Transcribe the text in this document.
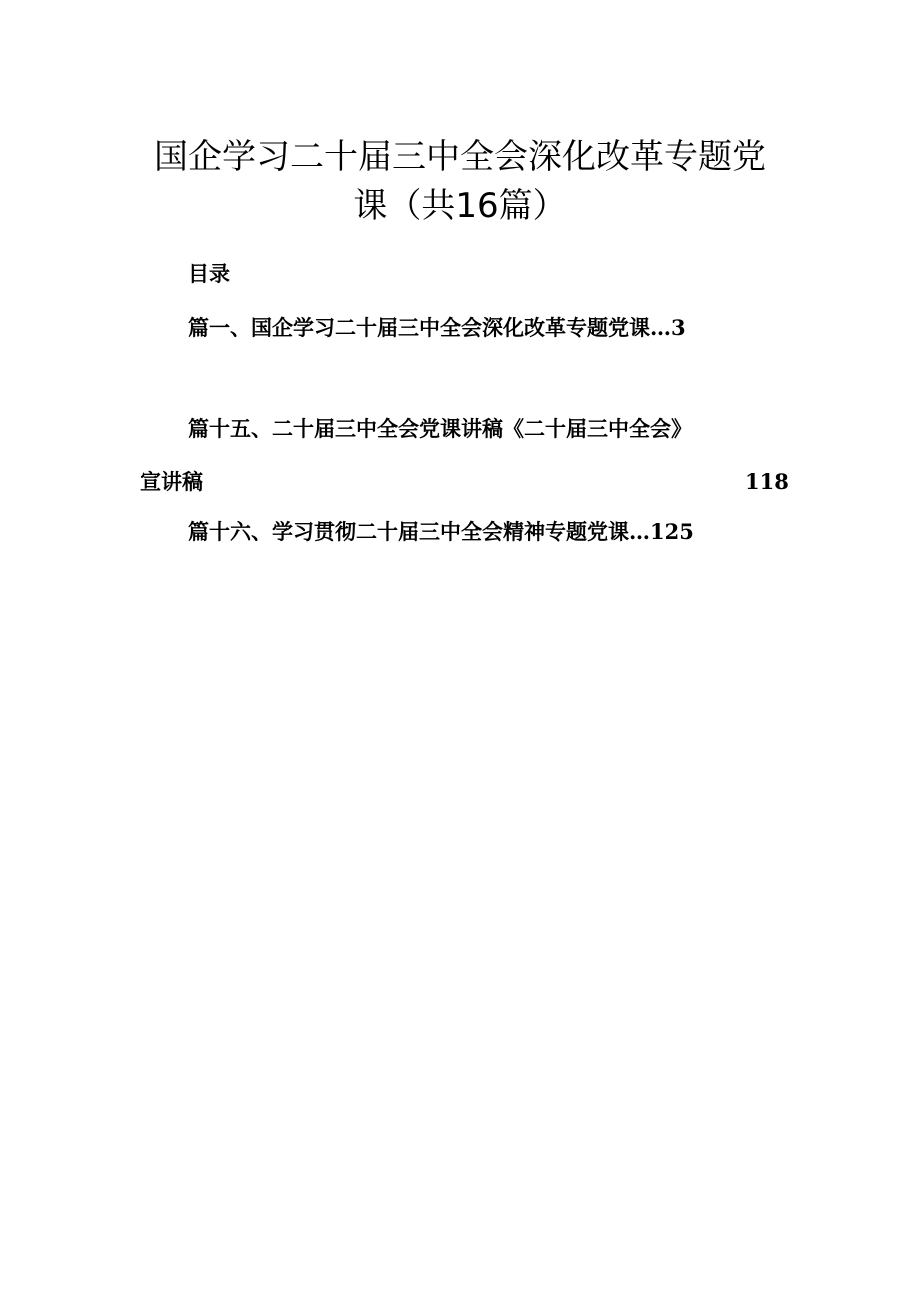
国企学习二十届三中全会深化改革专题党
课（共16篇）
目录
篇一、国企学习二十届三中全会深化改革专题党课…3
篇十五、二十届三中全会党课讲稿《二十届三中全会》
宣讲稿	118
篇十六、学习贯彻二十届三中全会精神专题党课…125
